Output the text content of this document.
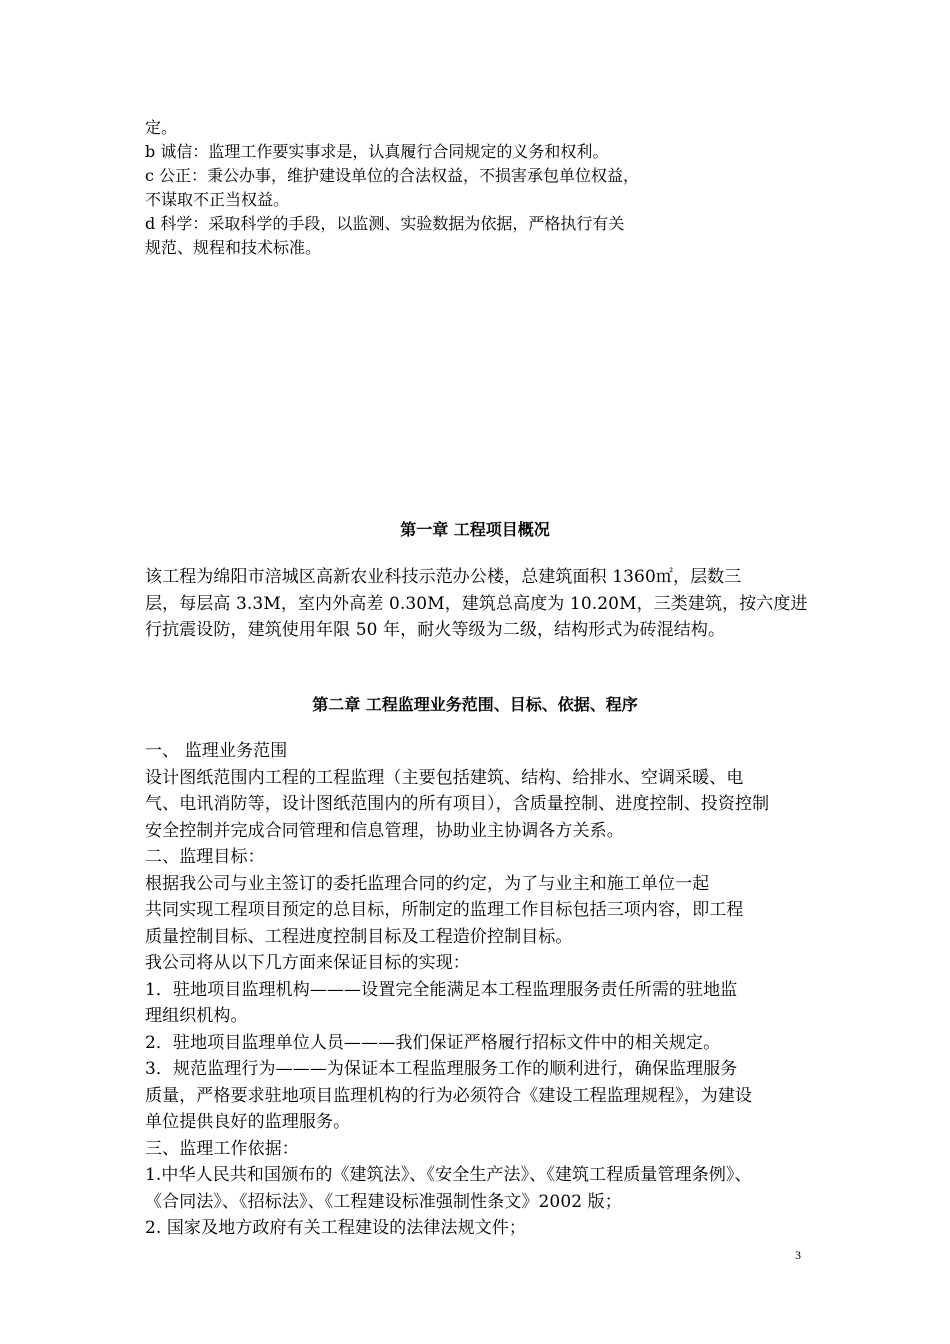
定。
b 诚信：监理工作要实事求是，认真履行合同规定的义务和权利。
c 公正：秉公办事，维护建设单位的合法权益，不损害承包单位权益，
不谋取不正当权益。
d 科学：采取科学的手段，以监测、实验数据为依据，严格执行有关
规范、规程和技术标准。
第一章 工程项目概况
该工程为绵阳市涪城区高新农业科技示范办公楼，总建筑面积 1360㎡，层数三
层，每层高 3.3M，室内外高差 0.30M，建筑总高度为 10.20M，三类建筑，按六度进
行抗震设防，建筑使用年限 50 年，耐火等级为二级，结构形式为砖混结构。
第二章 工程监理业务范围、目标、依据、程序
一、 监理业务范围
设计图纸范围内工程的工程监理（主要包括建筑、结构、给排水、空调采暖、电
气、电讯消防等，设计图纸范围内的所有项目），含质量控制、进度控制、投资控制
安全控制并完成合同管理和信息管理，协助业主协调各方关系。
二、监理目标：
根据我公司与业主签订的委托监理合同的约定，为了与业主和施工单位一起
共同实现工程项目预定的总目标，所制定的监理工作目标包括三项内容，即工程
质量控制目标、工程进度控制目标及工程造价控制目标。
我公司将从以下几方面来保证目标的实现：
1．驻地项目监理机构———设置完全能满足本工程监理服务责任所需的驻地监
理组织机构。
2．驻地项目监理单位人员———我们保证严格履行招标文件中的相关规定。
3．规范监理行为———为保证本工程监理服务工作的顺利进行，确保监理服务
质量，严格要求驻地项目监理机构的行为必须符合《建设工程监理规程》，为建设
单位提供良好的监理服务。
三、监理工作依据：
1.中华人民共和国颁布的《建筑法》、《安全生产法》、《建筑工程质量管理条例》、
《合同法》、《招标法》、《工程建设标准强制性条文》2002 版；
2. 国家及地方政府有关工程建设的法律法规文件；
3
